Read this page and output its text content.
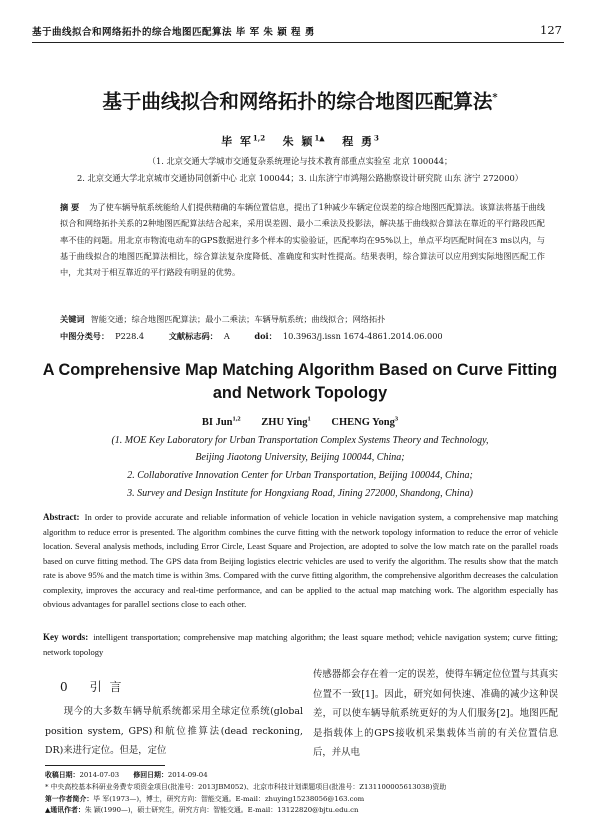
基于曲线拟合和网络拓扑的综合地图匹配算法 毕 军 朱 颖 程 勇	127
基于曲线拟合和网络拓扑的综合地图匹配算法*
毕 军$^{1,2}$ 朱 颖$^{1▲}$ 程 勇$^3$
（1. 北京交通大学城市交通复杂系统理论与技术教育部重点实验室 北京 100044；
2. 北京交通大学北京城市交通协同创新中心 北京 100044；3. 山东济宁市鸿翔公路勘察设计研究院 山东 济宁 272000）
摘 要 为了使车辆导航系统能给人们提供精确的车辆位置信息，提出了1种减少车辆定位误差的综合地图匹配算法。该算法将基于曲线拟合和网络拓扑关系的2种地图匹配算法结合起来，采用误差圆、最小二乘法及投影法，解决基于曲线拟合算法在靠近的平行路段匹配率不佳的问题。用北京市物流电动车的GPS数据进行多个样本的实验验证，匹配率均在95%以上，单点平均匹配时间在3 ms以内，与基于曲线拟合的地图匹配算法相比，综合算法复杂度降低、准确度和实时性提高。结果表明，综合算法可以应用到实际地图匹配工作中，尤其对于相互靠近的平行路段有明显的优势。
关键词 智能交通；综合地图匹配算法；最小二乘法；车辆导航系统；曲线拟合；网络拓扑
中图分类号： P228.4	文献标志码： A	doi： 10.3963/j.issn 1674-4861.2014.06.000
A Comprehensive Map Matching Algorithm Based on Curve Fitting
and Network Topology
BI Jun$^{1,2}$ ZHU Ying$^1$ CHENG Yong$^3$
(1. MOE Key Laboratory for Urban Transportation Complex Systems Theory and Technology,
Beijing Jiaotong University, Beijing 100044, China;
2. Collaborative Innovation Center for Urban Transportation, Beijing 100044, China;
3. Survey and Design Institute for Hongxiang Road, Jining 272000, Shandong, China)
Abstract: In order to provide accurate and reliable information of vehicle location in vehicle navigation system, a comprehensive map matching algorithm to reduce error is presented. The algorithm combines the curve fitting with the network topology information to reduce the error of vehicle location. Several analysis methods, including Error Circle, Least Square and Projection, are adopted to solve the low match rate on the parallel roads based on curve fitting method. The GPS data from Beijing logistics electric vehicles are used to verify the algorithm. The results show that the match rate is above 95% and the match time is within 3ms. Compared with the curve fitting algorithm, the comprehensive algorithm decreases the calculation complexity, improves the accuracy and real-time performance, and can be applied to the actual map matching work. The algorithm especially has obvious advantages for parallel sections close to each other.
Key words: intelligent transportation; comprehensive map matching algorithm; the least square method; vehicle navigation system; curve fitting; network topology
0 引 言

现今的大多数车辆导航系统都采用全球定位系统(global position system, GPS)和航位推算法(dead reckoning, DR)来进行定位。但是，定位

传感器都会存在着一定的误差，使得车辆定位位置与其真实位置不一致[1]。因此，研究如何快速、准确的减少这种误差，可以使车辆导航系统更好的为人们服务[2]。地图匹配是指载体上的GPS接收机采集载体当前的有关位置信息后，并从电

收稿日期：2014-07-03 修回日期：2014-09-04
* 中央高校基本科研业务费专项资金项目(批准号：2013JBM052)、北京市科技计划课题项目(批准号：Z131100005613038)资助
第一作者简介：毕 军(1973—)，博士，研究方向：智能交通。E-mail：zhuying15238056@163.com
▲通讯作者：朱 颖(1990—)，硕士研究生，研究方向：智能交通。E-mail：13122820@bjtu.edu.cn
